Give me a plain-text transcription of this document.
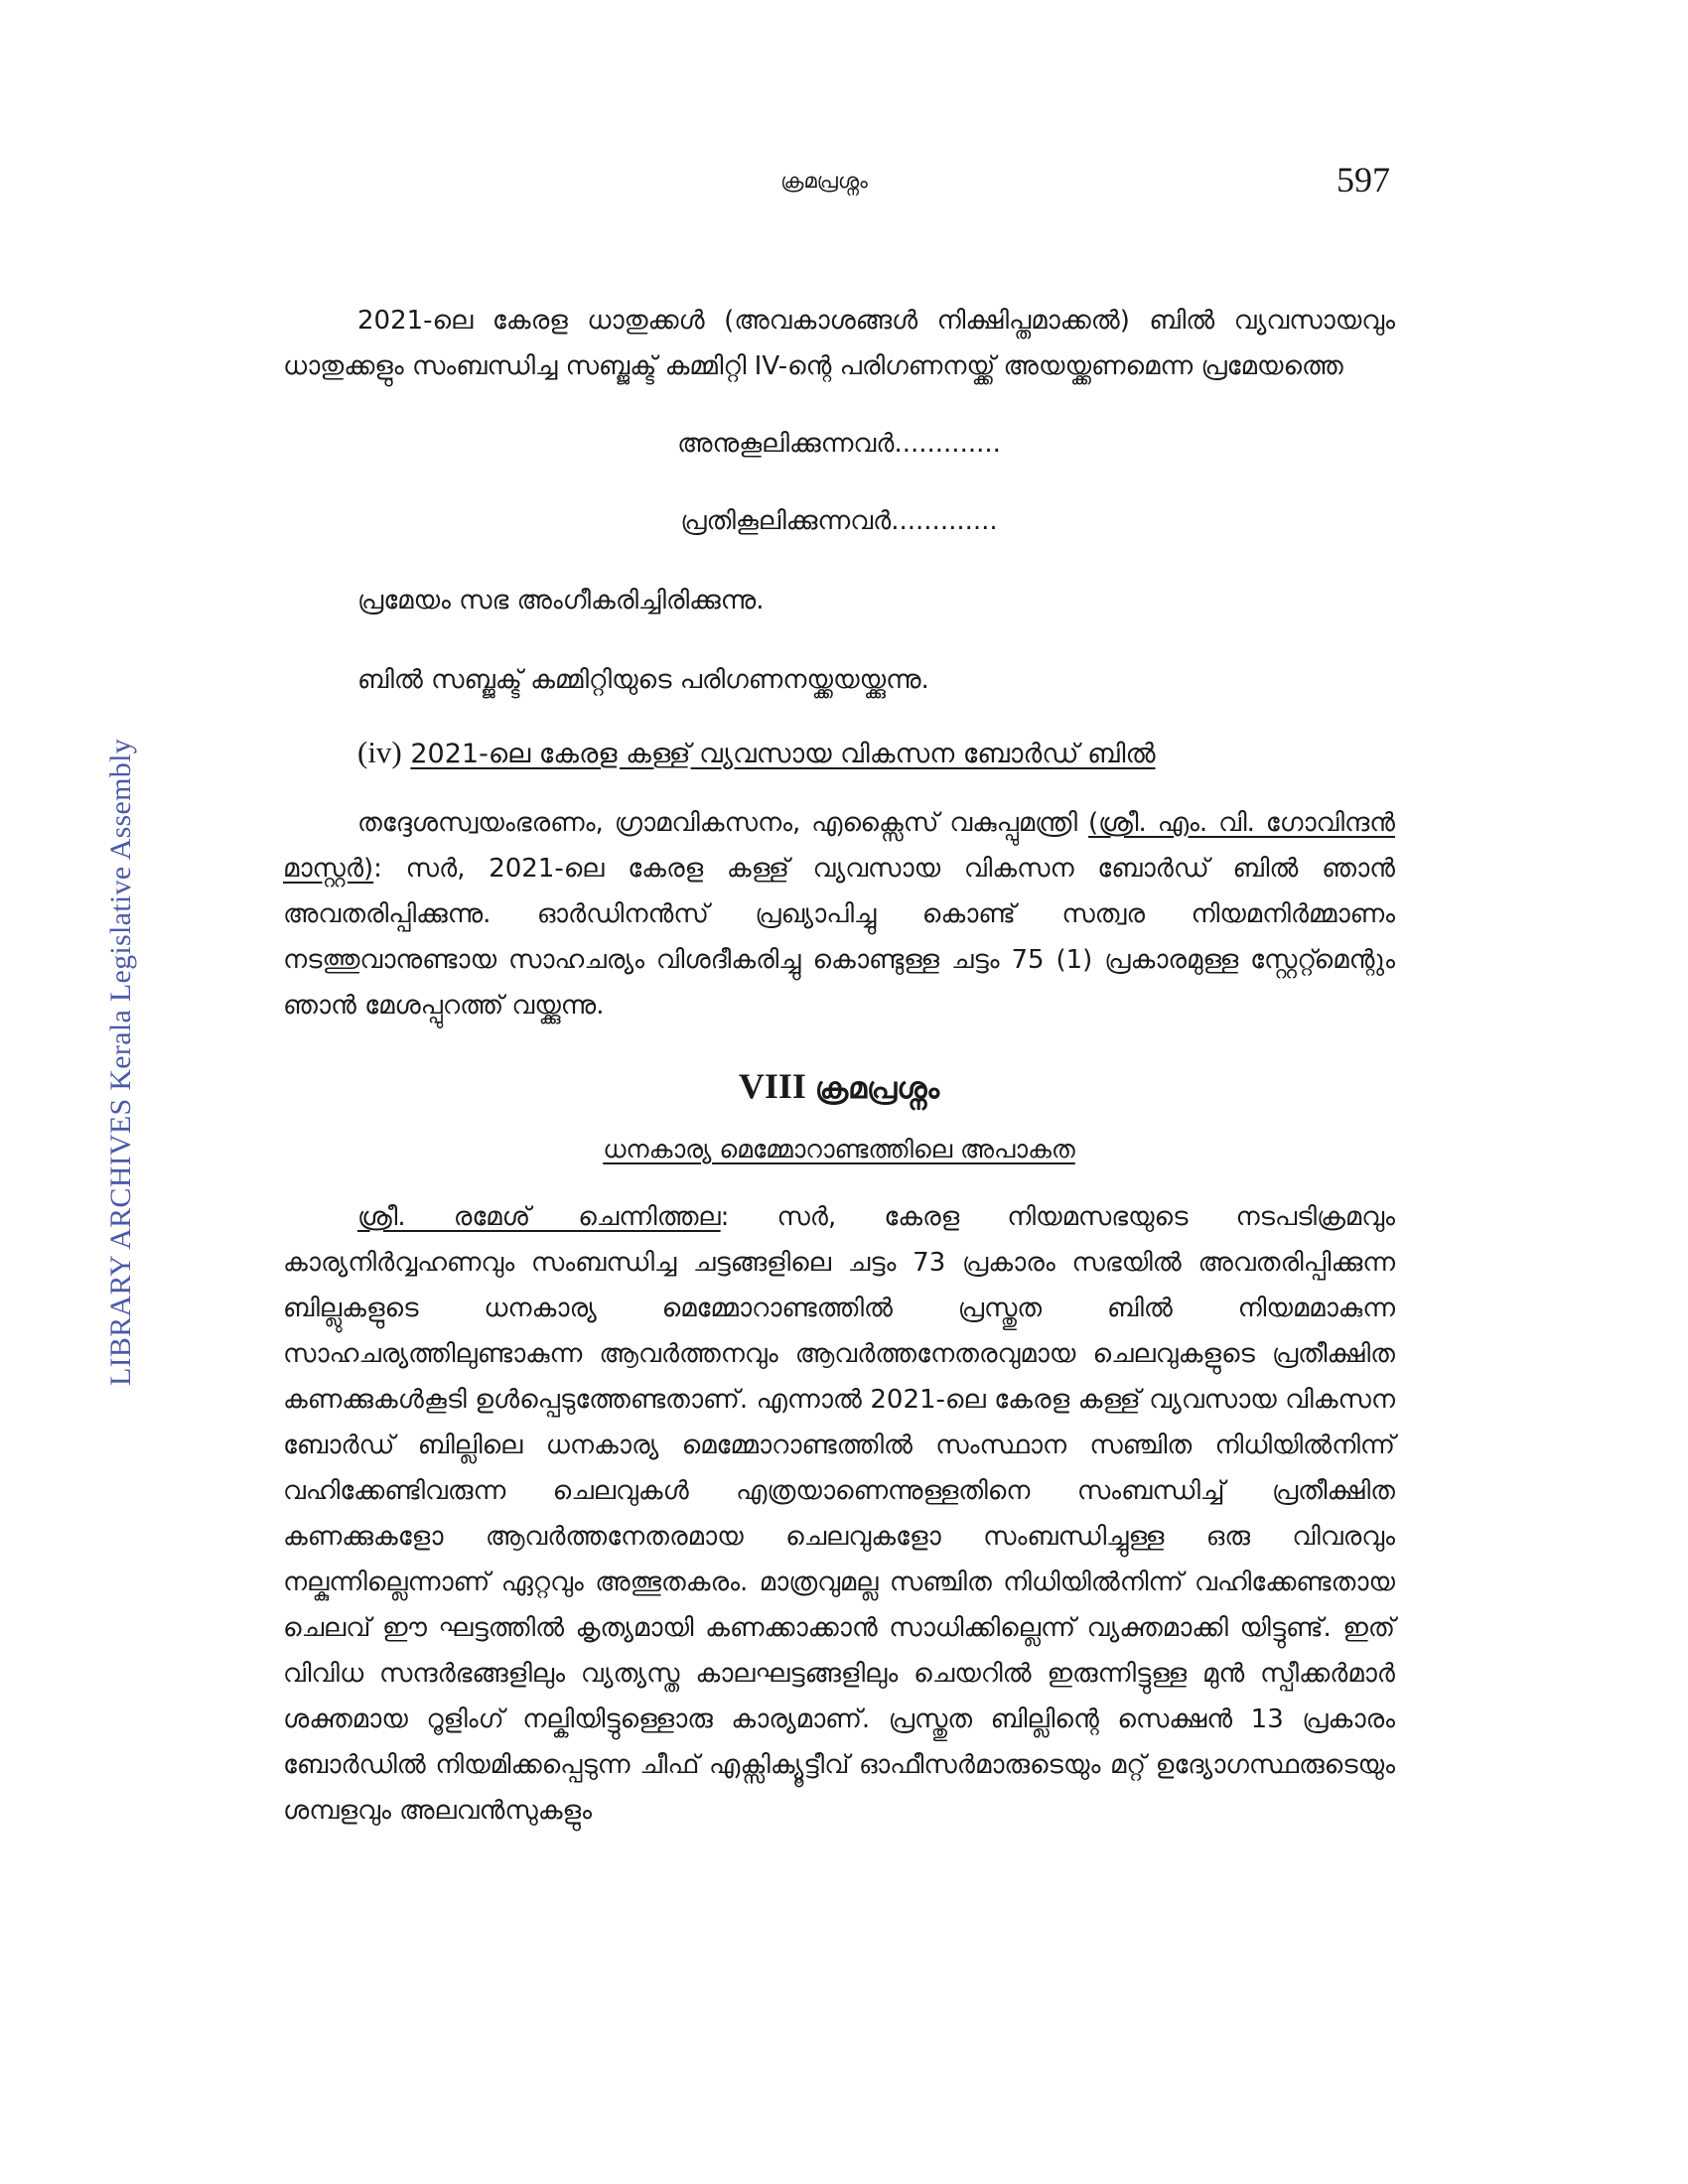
LIBRARY ARCHIVES Kerala Legislative Assembly
ക്രമപ്രശ്നം	597

2021-ലെ കേരള ധാതുക്കൾ (അവകാശങ്ങൾ നിക്ഷിപ്തമാക്കൽ) ബിൽ വ്യവസായവും ധാതുക്കളും സംബന്ധിച്ച സബ്ജക്ട് കമ്മിറ്റി IV-ന്റെ പരിഗണനയ്ക്ക് അയയ്ക്കണമെന്ന പ്രമേയത്തെ

അനുകൂലിക്കുന്നവർ.............

പ്രതികൂലിക്കുന്നവർ.............

പ്രമേയം സഭ അംഗീകരിച്ചിരിക്കുന്നു.

ബിൽ സബ്ജക്ട് കമ്മിറ്റിയുടെ പരിഗണനയ്ക്കയയ്ക്കുന്നു.

(iv) 2021-ലെ കേരള കള്ള് വ്യവസായ വികസന ബോർഡ് ബിൽ

തദ്ദേശസ്വയംഭരണം, ഗ്രാമവികസനം, എക്സൈസ് വകുപ്പുമന്ത്രി (ശ്രീ. എം. വി. ഗോവിന്ദൻ മാസ്റ്റർ): സർ, 2021-ലെ കേരള കള്ള് വ്യവസായ വികസന ബോർഡ് ബിൽ ഞാൻ അവതരിപ്പിക്കുന്നു. ഓർഡിനൻസ് പ്രഖ്യാപിച്ചു കൊണ്ട് സത്വര നിയമനിർമ്മാണം നടത്തുവാനുണ്ടായ സാഹചര്യം വിശദീകരിച്ചു കൊണ്ടുള്ള ചട്ടം 75 (1) പ്രകാരമുള്ള സ്റ്റേറ്റ്മെന്റും ഞാൻ മേശപ്പുറത്ത് വയ്ക്കുന്നു.

VIII ക്രമപ്രശ്നം
ധനകാര്യ മെമ്മോറാണ്ടത്തിലെ അപാകത

ശ്രീ. രമേശ് ചെന്നിത്തല: സർ, കേരള നിയമസഭയുടെ നടപടിക്രമവും കാര്യനിർവ്വഹണവും സംബന്ധിച്ച ചട്ടങ്ങളിലെ ചട്ടം 73 പ്രകാരം സഭയിൽ അവതരിപ്പിക്കുന്ന ബില്ലുകളുടെ ധനകാര്യ മെമ്മോറാണ്ടത്തിൽ പ്രസ്തുത ബിൽ നിയമമാകുന്ന സാഹചര്യത്തിലുണ്ടാകുന്ന ആവർത്തനവും ആവർത്തനേതരവുമായ ചെലവുകളുടെ പ്രതീക്ഷിത കണക്കുകൾകൂടി ഉൾപ്പെടുത്തേണ്ടതാണ്. എന്നാൽ 2021-ലെ കേരള കള്ള് വ്യവസായ വികസന ബോർഡ് ബില്ലിലെ ധനകാര്യ മെമ്മോറാണ്ടത്തിൽ സംസ്ഥാന സഞ്ചിത നിധിയിൽനിന്ന് വഹിക്കേണ്ടിവരുന്ന ചെലവുകൾ എത്രയാണെന്നുള്ളതിനെ സംബന്ധിച്ച് പ്രതീക്ഷിത കണക്കുകളോ ആവർത്തനേതരമായ ചെലവുകളോ സംബന്ധിച്ചുള്ള ഒരു വിവരവും നല്കുന്നില്ലെന്നാണ് ഏറ്റവും അത്ഭുതകരം. മാത്രവുമല്ല സഞ്ചിത നിധിയിൽനിന്ന് വഹിക്കേണ്ടതായ ചെലവ് ഈ ഘട്ടത്തിൽ കൃത്യമായി കണക്കാക്കാൻ സാധിക്കില്ലെന്ന് വ്യക്തമാക്കി യിട്ടുണ്ട്. ഇത് വിവിധ സന്ദർഭങ്ങളിലും വ്യത്യസ്ത കാലഘട്ടങ്ങളിലും ചെയറിൽ ഇരുന്നിട്ടുള്ള മുൻ സ്പീക്കർമാർ ശക്തമായ റൂളിംഗ് നല്കിയിട്ടുള്ളൊരു കാര്യമാണ്. പ്രസ്തുത ബില്ലിന്റെ സെക്ഷൻ 13 പ്രകാരം ബോർഡിൽ നിയമിക്കപ്പെടുന്ന ചീഫ് എക്സിക്യൂട്ടീവ് ഓഫീസർമാരുടെയും മറ്റ് ഉദ്യോഗസ്ഥരുടെയും ശമ്പളവും അലവൻസുകളും
